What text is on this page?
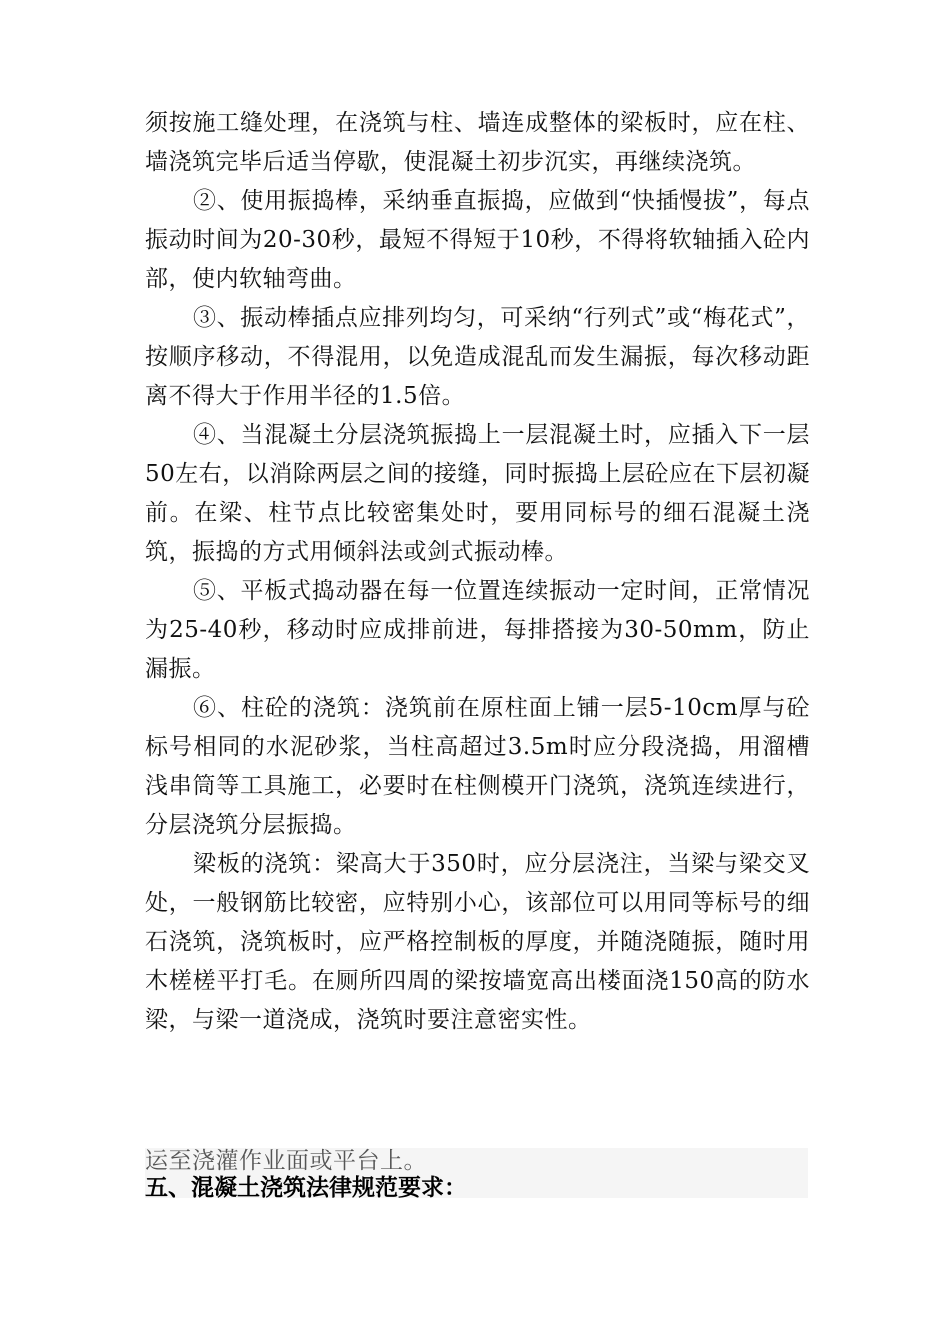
须按施工缝处理，在浇筑与柱、墙连成整体的梁板时，应在柱、墙浇筑完毕后适当停歇，使混凝土初步沉实，再继续浇筑。

②、使用振捣棒，采纳垂直振捣，应做到“快插慢拔”，每点振动时间为20-30秒，最短不得短于10秒，不得将软轴插入砼内部，使内软轴弯曲。

③、振动棒插点应排列均匀，可采纳“行列式”或“梅花式”，按顺序移动，不得混用，以免造成混乱而发生漏振，每次移动距离不得大于作用半径的1.5倍。

④、当混凝土分层浇筑振捣上一层混凝土时，应插入下一层50左右，以消除两层之间的接缝，同时振捣上层砼应在下层初凝前。在梁、柱节点比较密集处时，要用同标号的细石混凝土浇筑，振捣的方式用倾斜法或剑式振动棒。

⑤、平板式捣动器在每一位置连续振动一定时间，正常情况为25-40秒，移动时应成排前进，每排搭接为30-50mm，防止漏振。

⑥、柱砼的浇筑：浇筑前在原柱面上铺一层5-10cm厚与砼标号相同的水泥砂浆，当柱高超过3.5m时应分段浇捣，用溜槽浅串筒等工具施工，必要时在柱侧模开门浇筑，浇筑连续进行，分层浇筑分层振捣。

梁板的浇筑：梁高大于350时，应分层浇注，当梁与梁交叉处，一般钢筋比较密，应特别小心，该部位可以用同等标号的细石浇筑，浇筑板时，应严格控制板的厚度，并随浇随振，随时用木槎槎平打毛。在厕所四周的梁按墙宽高出楼面浇150高的防水梁，与梁一道浇成，浇筑时要注意密实性。

运至浇灌作业面或平台上。
五、混凝土浇筑法律规范要求：
